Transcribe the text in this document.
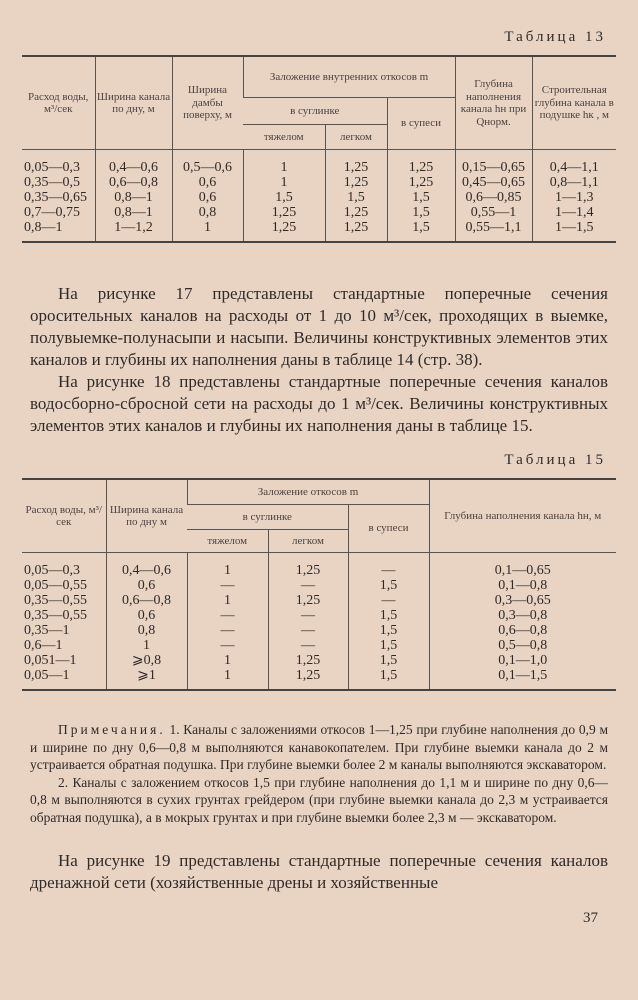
Таблица 13
Расход воды, м³/сек	Ширина канала по дну, м	Ширина дамбы поверху, м	Заложение внутренних откосов m			Глубина наполнения канала hн при Qнорм.	Строительная глубина канала в подушке hк , м
			в суглинке		в супеси		
			тяжелом	легком			
0,05—0,3	0,4—0,6	0,5—0,6	1	1,25	1,25	0,15—0,65	0,4—1,1
0,35—0,5	0,6—0,8	0,6	1	1,25	1,25	0,45—0,65	0,8—1,1
0,35—0,65	0,8—1	0,6	1,5	1,5	1,5	0,6—0,85	1—1,3
0,7—0,75	0,8—1	0,8	1,25	1,25	1,5	0,55—1	1—1,4
0,8—1	1—1,2	1	1,25	1,25	1,5	0,55—1,1	1—1,5

На рисунке 17 представлены стандартные поперечные сечения оросительных каналов на расходы от 1 до 10 м³/сек, проходящих в выемке, полувыемке-полунасыпи и насыпи. Величины конструктивных элементов этих каналов и глубины их наполнения даны в таблице 14 (стр. 38).

На рисунке 18 представлены стандартные поперечные сечения каналов водосборно-сбросной сети на расходы до 1 м³/сек. Величины конструктивных элементов этих каналов и глубины их наполнения даны в таблице 15.

Таблица 15
Расход воды, м³/сек	Ширина канала по дну м	Заложение откосов m			Глубина наполнения канала hн, м
		в суглинке		в супеси	
		тяжелом	легком		
0,05—0,3	0,4—0,6	1	1,25	—	0,1—0,65
0,05—0,55	0,6	—	—	1,5	0,1—0,8
0,35—0,55	0,6—0,8	1	1,25	—	0,3—0,65
0,35—0,55	0,6	—	—	1,5	0,3—0,8
0,35—1	0,8	—	—	1,5	0,6—0,8
0,6—1	1	—	—	1,5	0,5—0,8
0,051—1	⩾0,8	1	1,25	1,5	0,1—1,0
0,05—1	⩾1	1	1,25	1,5	0,1—1,5

Примечания. 1. Каналы с заложениями откосов 1—1,25 при глубине наполнения до 0,9 м и ширине по дну 0,6—0,8 м выполняются канавокопателем. При глубине выемки канала до 2 м устраивается обратная подушка. При глубине выемки более 2 м каналы выполняются экскаватором.

2. Каналы с заложением откосов 1,5 при глубине наполнения до 1,1 м и ширине по дну 0,6—0,8 м выполняются в сухих грунтах грейдером (при глубине выемки канала до 2,3 м устраивается обратная подушка), а в мокрых грунтах и при глубине выемки более 2,3 м — экскаватором.

На рисунке 19 представлены стандартные поперечные сечения каналов дренажной сети (хозяйственные дрены и хозяйственные

37
